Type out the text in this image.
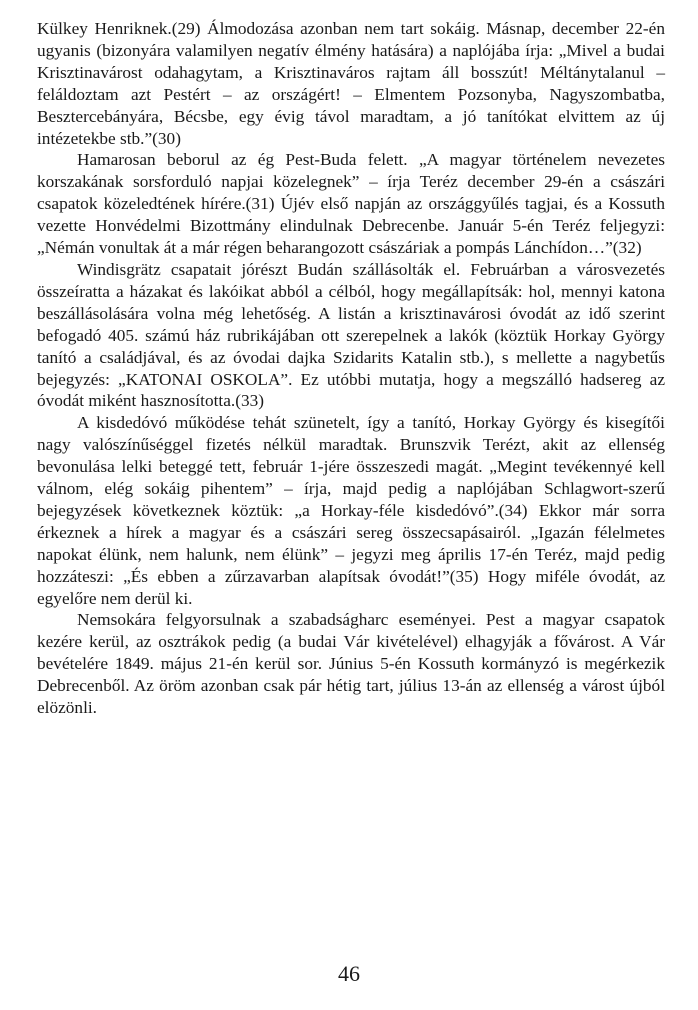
Külkey Henriknek.(29) Álmodozása azonban nem tart sokáig. Másnap, december 22-én ugyanis (bizonyára valamilyen negatív élmény hatására) a naplójába írja: „Mivel a budai Krisztinavárost odahagytam, a Krisztinaváros rajtam áll bosszút! Méltánytalanul – feláldoztam azt Pestért – az országért! – Elmentem Pozsonyba, Nagyszombatba, Besztercebányára, Bécsbe, egy évig távol maradtam, a jó tanítókat elvittem az új intézetekbe stb.”(30)

Hamarosan beborul az ég Pest-Buda felett. „A magyar történelem nevezetes korszakának sorsforduló napjai közelegnek” – írja Teréz december 29-én a császári csapatok közeledtének hírére.(31) Újév első napján az országgyűlés tagjai, és a Kossuth vezette Honvédelmi Bizottmány elindulnak Debrecenbe. Január 5-én Teréz feljegyzi: „Némán vonultak át a már régen beharangozott császáriak a pompás Lánchídon…”(32)

Windisgrätz csapatait jórészt Budán szállásolták el. Februárban a városvezetés összeíratta a házakat és lakóikat abból a célból, hogy megállapítsák: hol, mennyi katona beszállásolására volna még lehetőség. A listán a krisztinavárosi óvodát az idő szerint befogadó 405. számú ház rubrikájában ott szerepelnek a lakók (köztük Horkay György tanító a családjával, és az óvodai dajka Szidarits Katalin stb.), s mellette a nagybetűs bejegyzés: „KATONAI OSKOLA”. Ez utóbbi mutatja, hogy a megszálló hadsereg az óvodát miként hasznosította.(33)

A kisdedóvó működése tehát szünetelt, így a tanító, Horkay György és kisegítői nagy valószínűséggel fizetés nélkül maradtak. Brunszvik Terézt, akit az ellenség bevonulása lelki beteggé tett, február 1-jére összeszedi magát. „Megint tevékennyé kell válnom, elég sokáig pihentem” – írja, majd pedig a naplójában Schlagwort-szerű bejegyzések következnek köztük: „a Horkay-féle kisdedóvó”.(34) Ekkor már sorra érkeznek a hírek a magyar és a császári sereg összecsapásairól. „Igazán félelmetes napokat élünk, nem halunk, nem élünk” – jegyzi meg április 17-én Teréz, majd pedig hozzáteszi: „És ebben a zűrzavarban alapítsak óvodát!”(35) Hogy miféle óvodát, az egyelőre nem derül ki.

Nemsokára felgyorsulnak a szabadságharc eseményei. Pest a magyar csapatok kezére kerül, az osztrákok pedig (a budai Vár kivételével) elhagyják a fővárost. A Vár bevételére 1849. május 21-én kerül sor. Június 5-én Kossuth kormányzó is megérkezik Debrecenből. Az öröm azonban csak pár hétig tart, július 13-án az ellenség a várost újból elözönli.

46
